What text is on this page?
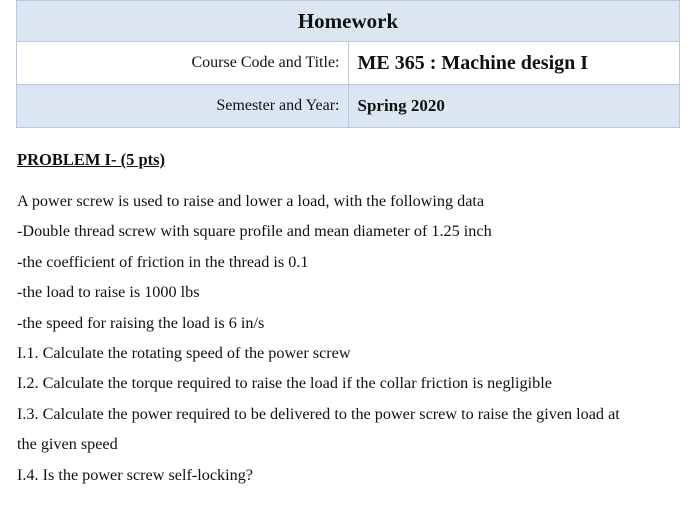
Homework	
Course Code and Title:	ME 365 : Machine design I
Semester and Year:	Spring 2020
PROBLEM I- (5 pts)
A power screw is used to raise and lower a load, with the following data
-Double thread screw with square profile and mean diameter of 1.25 inch
-the coefficient of friction in the thread is 0.1
-the load to raise is 1000 lbs
-the speed for raising the load is 6 in/s
I.1. Calculate the rotating speed of the power screw
I.2. Calculate the torque required to raise the load if the collar friction is negligible
I.3. Calculate the power required to be delivered to the power screw to raise the given load at
the given speed
I.4. Is the power screw self-locking?
